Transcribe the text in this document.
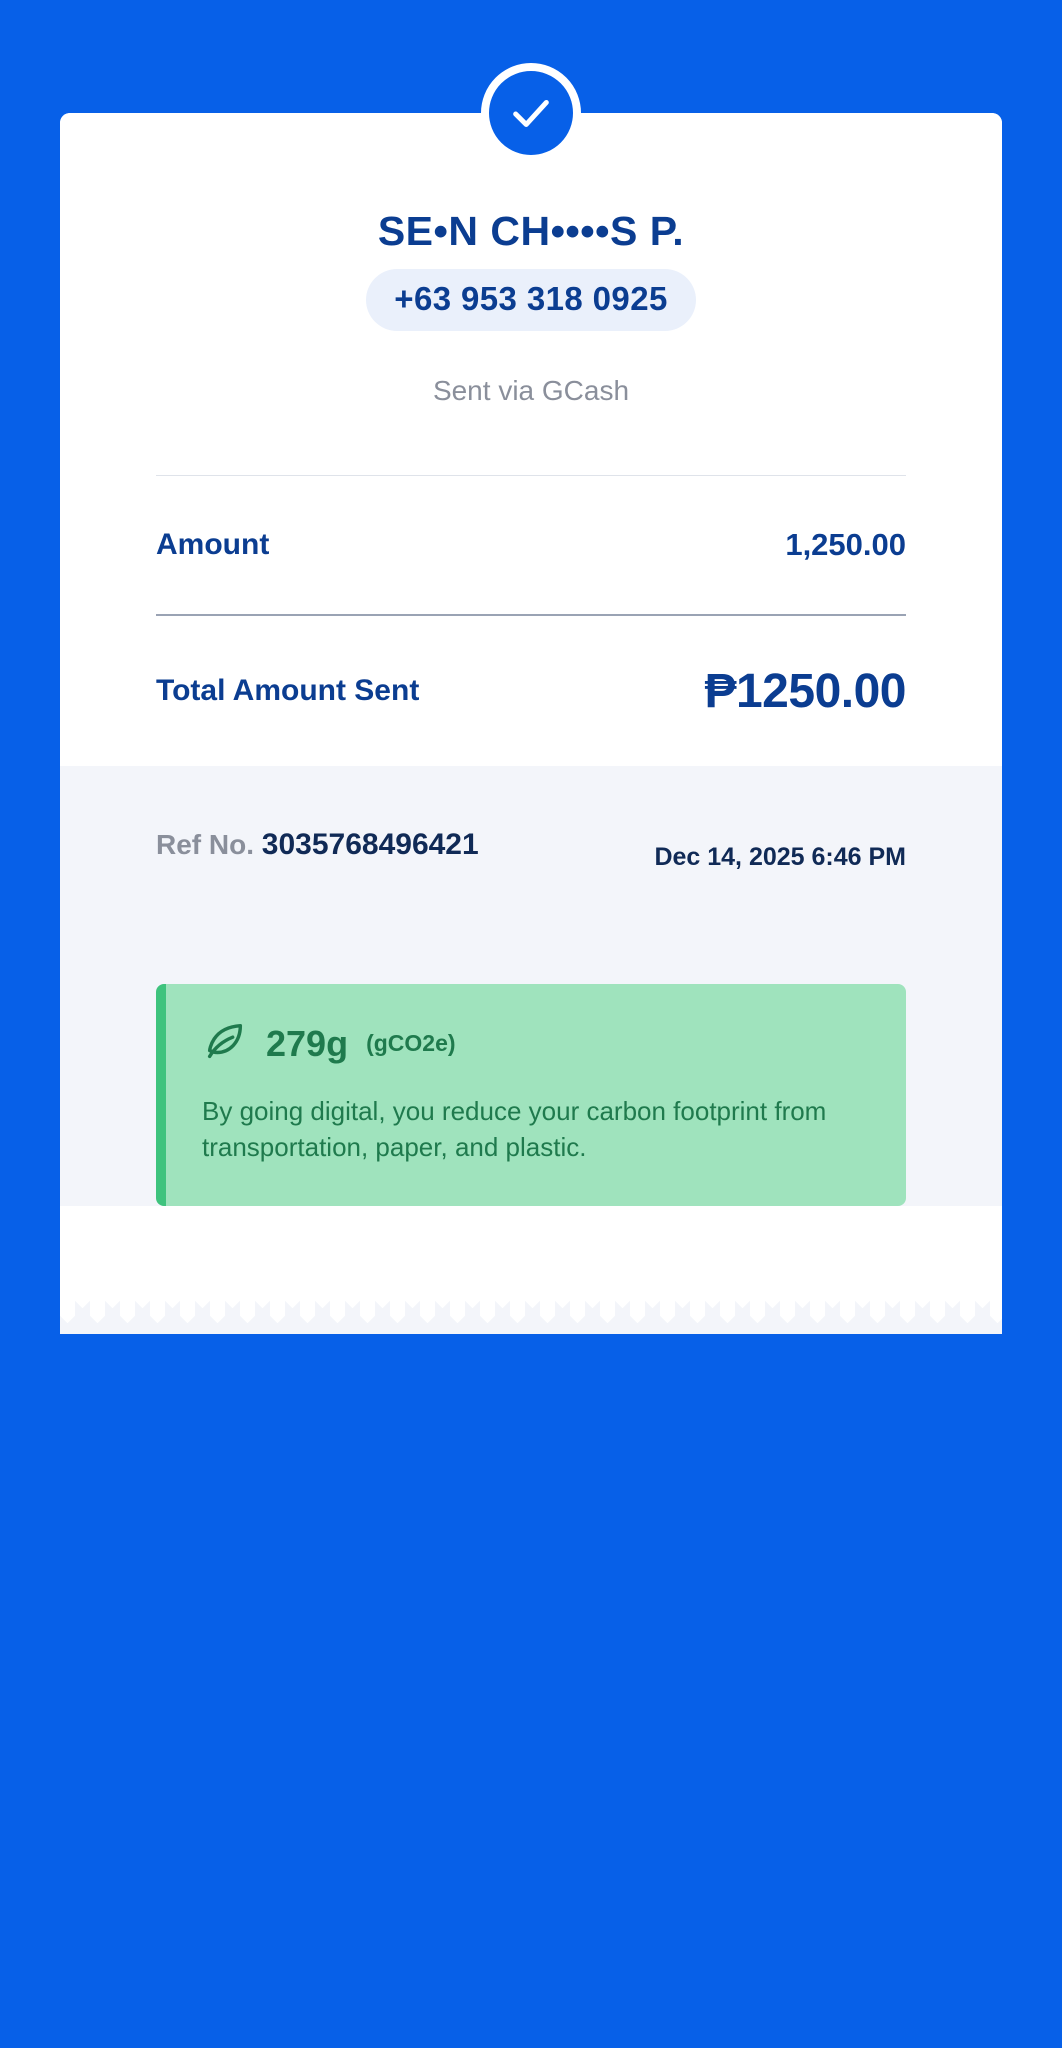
SE•N CH••••S P.
+63 953 318 0925
Sent via GCash
Amount	1,250.00
Total Amount Sent	₱1250.00
Ref No. 3035768496421	Dec 14, 2025 6:46 PM
279g (gCO2e)
By going digital, you reduce your carbon footprint from transportation, paper, and plastic.
